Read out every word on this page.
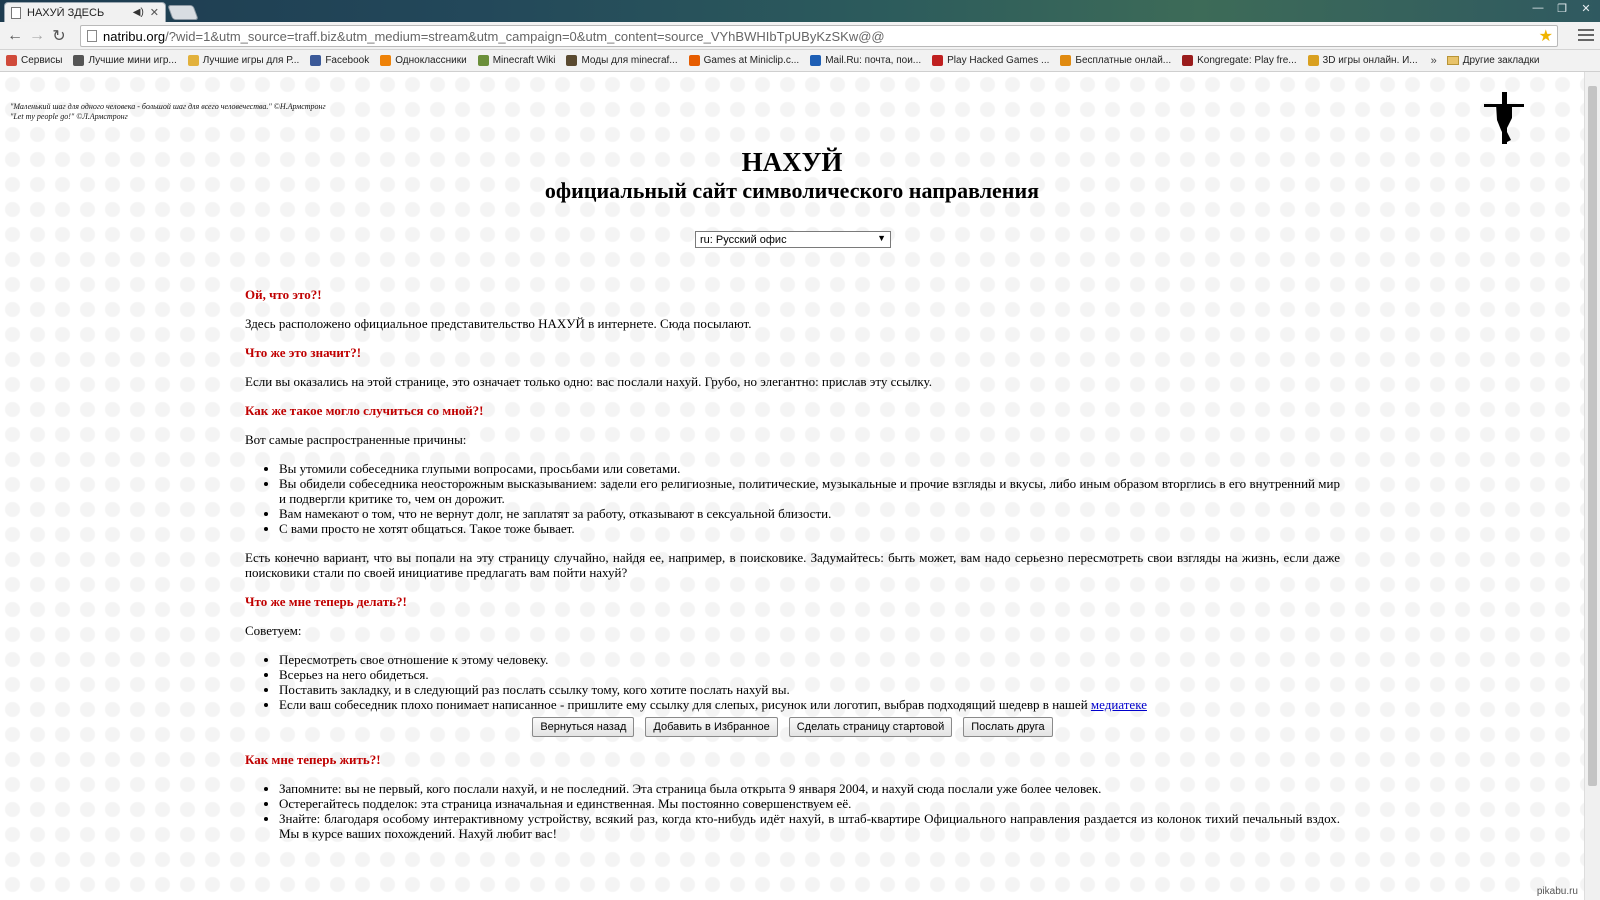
НАХУЙ ЗДЕСЬ	◀) ✕	— ❐	✕
← → ↻	natribu.org/?wid=1&utm_source=traff.biz&utm_medium=stream&utm_campaign=0&utm_content=source_VYhBWHIbTpUByKzSKw@@	★
Сервисы	Лучшие мини игр...	Лучшие игры для Р...	Facebook	Одноклассники	Minecraft Wiki	Моды для minecraf...	Games at Miniclip.c...	Mail.Ru: почта, пои...	Play Hacked Games ...	Бесплатные онлай...	Kongregate: Play fre...	3D игры онлайн. И... »	Другие закладки
"Маленький шаг для одного человека - большой шаг для всего человечества." ©Н.Армстронг
"Let my people go!" ©Л.Армстронг
НАХУЙ
официальный сайт символического направления
ru: Русский офис	▼

Ой, что это?!

Здесь расположено официальное представительство НАХУЙ в интернете. Сюда посылают.

Что же это значит?!

Если вы оказались на этой странице, это означает только одно: вас послали нахуй. Грубо, но элегантно: прислав эту ссылку.

Как же такое могло случиться со мной?!

Вот самые распространенные причины:

• Вы утомили собеседника глупыми вопросами, просьбами или советами.
• Вы обидели собеседника неосторожным высказыванием: задели его религиозные, политические, музыкальные и прочие взгляды и вкусы, либо иным образом вторглись в его внутренний мир и подвергли критике то, чем он дорожит.
• Вам намекают о том, что не вернут долг, не заплатят за работу, отказывают в сексуальной близости.
• С вами просто не хотят общаться. Такое тоже бывает.

Есть конечно вариант, что вы попали на эту страницу случайно, найдя ее, например, в поисковике. Задумайтесь: быть может, вам надо серьезно пересмотреть свои взгляды на жизнь, если даже поисковики стали по своей инициативе предлагать вам пойти нахуй?

Что же мне теперь делать?!

Советуем:

• Пересмотреть свое отношение к этому человеку.
• Всерьез на него обидеться.
• Поставить закладку, и в следующий раз послать ссылку тому, кого хотите послать нахуй вы.
• Если ваш собеседник плохо понимает написанное - пришлите ему ссылку для слепых, рисунок или логотип, выбрав подходящий шедевр в нашей медиатеке
Вернуться назад	Добавить в Избранное	Сделать страницу стартовой	Послать друга

Как мне теперь жить?!

• Запомните: вы не первый, кого послали нахуй, и не последний. Эта страница была открыта 9 января 2004, и нахуй сюда послали уже более человек.
• Остерегайтесь подделок: эта страница изначальная и единственная. Мы постоянно совершенствуем её.
• Знайте: благодаря особому интерактивному устройству, всякий раз, когда кто-нибудь идёт нахуй, в штаб-квартире Официального направления раздается из колонок тихий печальный вздох. Мы в курсе ваших похождений. Нахуй любит вас!
pikabu.ru
